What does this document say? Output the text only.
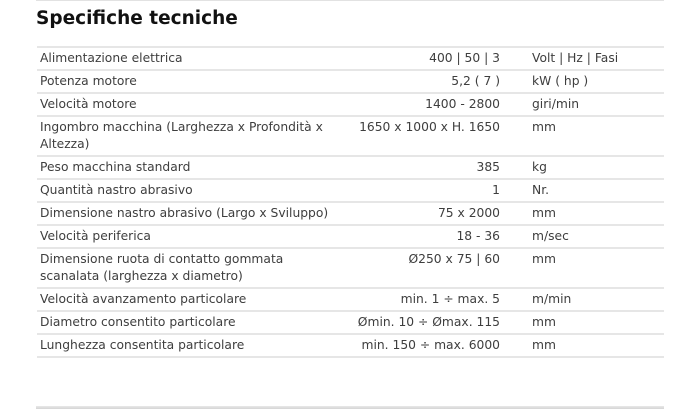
Specifiche tecniche
Alimentazione elettrica	400 | 50 | 3	Volt | Hz | Fasi
Potenza motore	5,2 ( 7 )	kW ( hp )
Velocità motore	1400 - 2800	giri/min
Ingombro macchina (Larghezza x Profondità x Altezza)	1650 x 1000 x H. 1650	mm
Peso macchina standard	385	kg
Quantità nastro abrasivo	1	Nr.
Dimensione nastro abrasivo (Largo x Sviluppo)	75 x 2000	mm
Velocità periferica	18 - 36	m/sec
Dimensione ruota di contatto gommata scanalata (larghezza x diametro)	Ø250 x 75 | 60	mm
Velocità avanzamento particolare	min. 1 ÷ max. 5	m/min
Diametro consentito particolare	Ømin. 10 ÷ Ømax. 115	mm
Lunghezza consentita particolare	min. 150 ÷ max. 6000	mm
